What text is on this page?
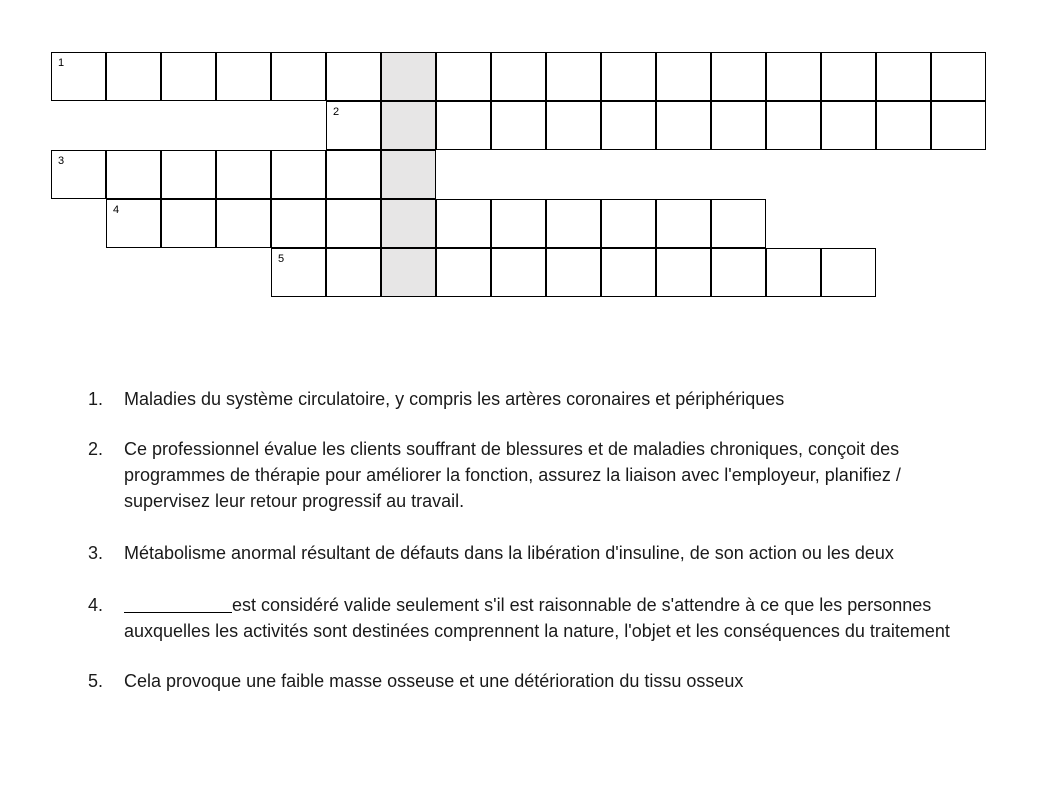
1
2
3
4
5
1. Maladies du système circulatoire, y compris les artères coronaires et périphériques
2. Ce professionnel évalue les clients souffrant de blessures et de maladies chroniques, conçoit des programmes de thérapie pour améliorer la fonction, assurez la liaison avec l'employeur, planifiez / supervisez leur retour progressif au travail.
3. Métabolisme anormal résultant de défauts dans la libération d'insuline, de son action ou les deux
4.	est considéré valide seulement s'il est raisonnable de s'attendre à ce que les personnes auxquelles les activités sont destinées comprennent la nature, l'objet et les conséquences du traitement
5. Cela provoque une faible masse osseuse et une détérioration du tissu osseux
